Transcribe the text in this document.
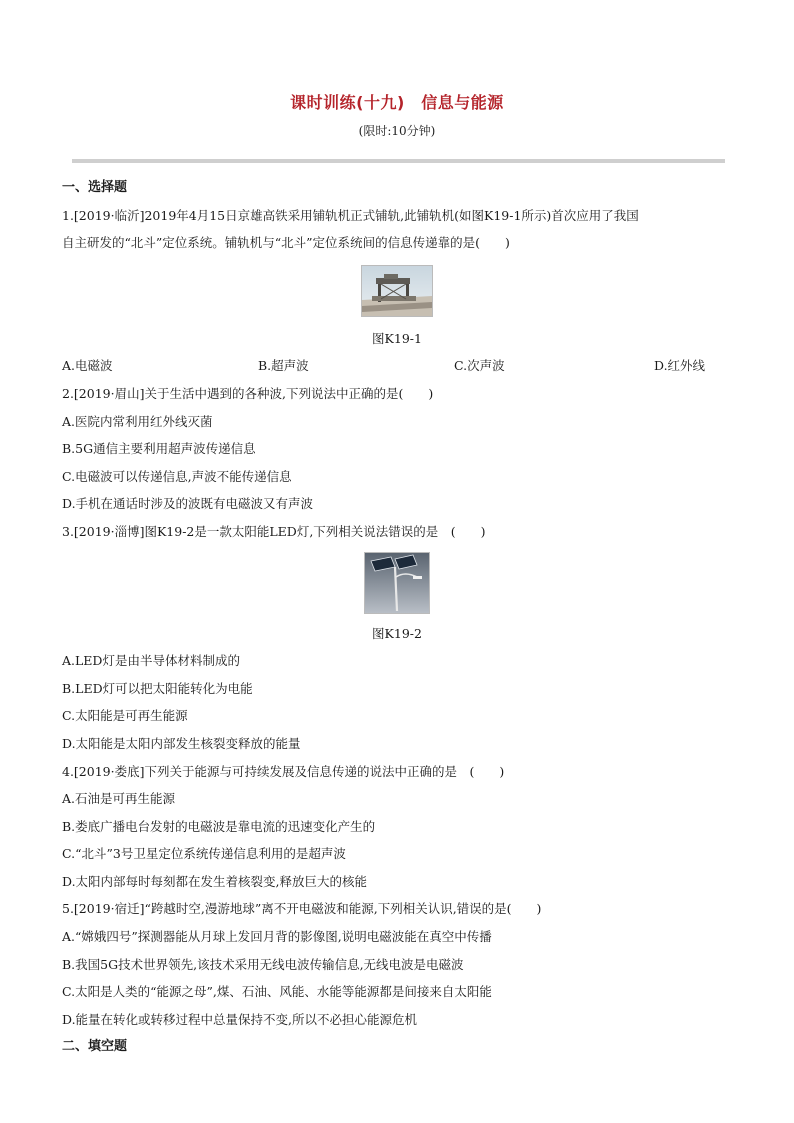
课时训练(十九)　信息与能源
(限时:10分钟)
一、选择题
1.[2019·临沂]2019年4月15日京雄高铁采用铺轨机正式铺轨,此铺轨机(如图K19-1所示)首次应用了我国
自主研发的“北斗”定位系统。铺轨机与“北斗”定位系统间的信息传递靠的是(　　)
图K19-1
A.电磁波	B.超声波	C.次声波	D.红外线
2.[2019·眉山]关于生活中遇到的各种波,下列说法中正确的是(　　)
A.医院内常利用红外线灭菌
B.5G通信主要利用超声波传递信息
C.电磁波可以传递信息,声波不能传递信息
D.手机在通话时涉及的波既有电磁波又有声波
3.[2019·淄博]图K19-2是一款太阳能LED灯,下列相关说法错误的是　(　　)
图K19-2
A.LED灯是由半导体材料制成的
B.LED灯可以把太阳能转化为电能
C.太阳能是可再生能源
D.太阳能是太阳内部发生核裂变释放的能量
4.[2019·娄底]下列关于能源与可持续发展及信息传递的说法中正确的是　(　　)
A.石油是可再生能源
B.娄底广播电台发射的电磁波是靠电流的迅速变化产生的
C.“北斗”3号卫星定位系统传递信息利用的是超声波
D.太阳内部每时每刻都在发生着核裂变,释放巨大的核能
5.[2019·宿迁]“跨越时空,漫游地球”离不开电磁波和能源,下列相关认识,错误的是(　　)
A.“嫦娥四号”探测器能从月球上发回月背的影像图,说明电磁波能在真空中传播
B.我国5G技术世界领先,该技术采用无线电波传输信息,无线电波是电磁波
C.太阳是人类的“能源之母”,煤、石油、风能、水能等能源都是间接来自太阳能
D.能量在转化或转移过程中总量保持不变,所以不必担心能源危机
二、填空题
